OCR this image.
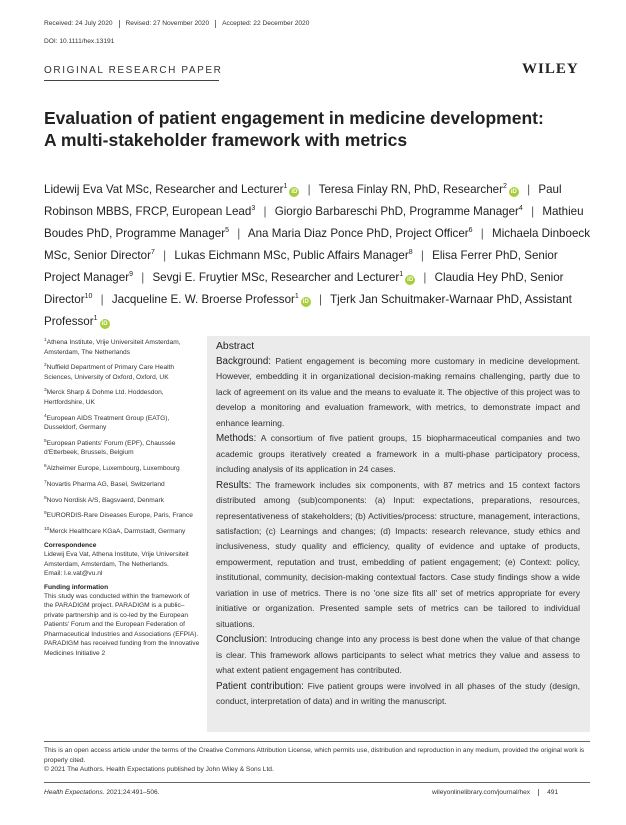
Received: 24 July 2020	Revised: 27 November 2020	Accepted: 22 December 2020
DOI: 10.1111/hex.13191
ORIGINAL RESEARCH PAPER	WILEY
Evaluation of patient engagement in medicine development:
A multi-stakeholder framework with metrics
Lidewij Eva Vat MSc, Researcher and Lecturer$^1$iD | Teresa Finlay RN, PhD, Researcher$^2$iD | Paul Robinson MBBS, FRCP, European Lead$^3$ | Giorgio Barbareschi PhD, Programme Manager$^4$ | Mathieu Boudes PhD, Programme Manager$^5$ | Ana Maria Diaz Ponce PhD, Project Officer$^6$ | Michaela Dinboeck MSc, Senior Director$^7$ | Lukas Eichmann MSc, Public Affairs Manager$^8$ | Elisa Ferrer PhD, Senior Project Manager$^9$ | Sevgi E. Fruytier MSc, Researcher and Lecturer$^1$iD | Claudia Hey PhD, Senior Director$^{10}$ | Jacqueline E. W. Broerse Professor$^1$iD | Tjerk Jan Schuitmaker-Warnaar PhD, Assistant Professor$^1$iD

$^1$Athena Institute, Vrije Universiteit Amsterdam, Amsterdam, The Netherlands

$^2$Nuffield Department of Primary Care Health Sciences, University of Oxford, Oxford, UK

$^3$Merck Sharp & Dohme Ltd. Hoddesdon, Hertfordshire, UK

$^4$European AIDS Treatment Group (EATG), Dusseldorf, Germany

$^5$European Patients' Forum (EPF), Chaussée d'Etterbeek, Brussels, Belgium

$^6$Alzheimer Europe, Luxembourg, Luxembourg

$^7$Novartis Pharma AG, Basel, Switzerland

$^8$Novo Nordisk A/S, Bagsvaerd, Denmark

$^9$EURORDIS-Rare Diseases Europe, Paris, France

$^{10}$Merck Healthcare KGaA, Darmstadt, Germany

Correspondence

Lidewij Eva Vat, Athena Institute, Vrije Universiteit Amsterdam, Amsterdam, The Netherlands.
Email: l.e.vat@vu.nl

Funding information

This study was conducted within the framework of the PARADIGM project. PARADIGM is a public–private partnership and is co-led by the European Patients' Forum and the European Federation of Pharmaceutical Industries and Associations (EFPIA). PARADIGM has received funding from the Innovative Medicines Initiative 2

Abstract

Background: Patient engagement is becoming more customary in medicine development. However, embedding it in organizational decision-making remains challenging, partly due to lack of agreement on its value and the means to evaluate it. The objective of this project was to develop a monitoring and evaluation framework, with metrics, to demonstrate impact and enhance learning.

Methods: A consortium of five patient groups, 15 biopharmaceutical companies and two academic groups iteratively created a framework in a multi-phase participatory process, including analysis of its application in 24 cases.

Results: The framework includes six components, with 87 metrics and 15 context factors distributed among (sub)components: (a) Input: expectations, preparations, resources, representativeness of stakeholders; (b) Activities/process: structure, management, interactions, satisfaction; (c) Learnings and changes; (d) Impacts: research relevance, study ethics and inclusiveness, study quality and efficiency, quality of evidence and uptake of products, empowerment, reputation and trust, embedding of patient engagement; (e) Context: policy, institutional, community, decision-making contextual factors. Case study findings show a wide variation in use of metrics. There is no 'one size fits all' set of metrics appropriate for every initiative or organization. Presented sample sets of metrics can be tailored to individual situations.

Conclusion: Introducing change into any process is best done when the value of that change is clear. This framework allows participants to select what metrics they value and assess to what extent patient engagement has contributed.

Patient contribution: Five patient groups were involved in all phases of the study (design, conduct, interpretation of data) and in writing the manuscript.

This is an open access article under the terms of the Creative Commons Attribution License, which permits use, distribution and reproduction in any medium, provided the original work is properly cited.
© 2021 The Authors. Health Expectations published by John Wiley & Sons Ltd.
Health Expectations. 2021;24:491–506.	wileyonlinelibrary.com/journal/hex	491
